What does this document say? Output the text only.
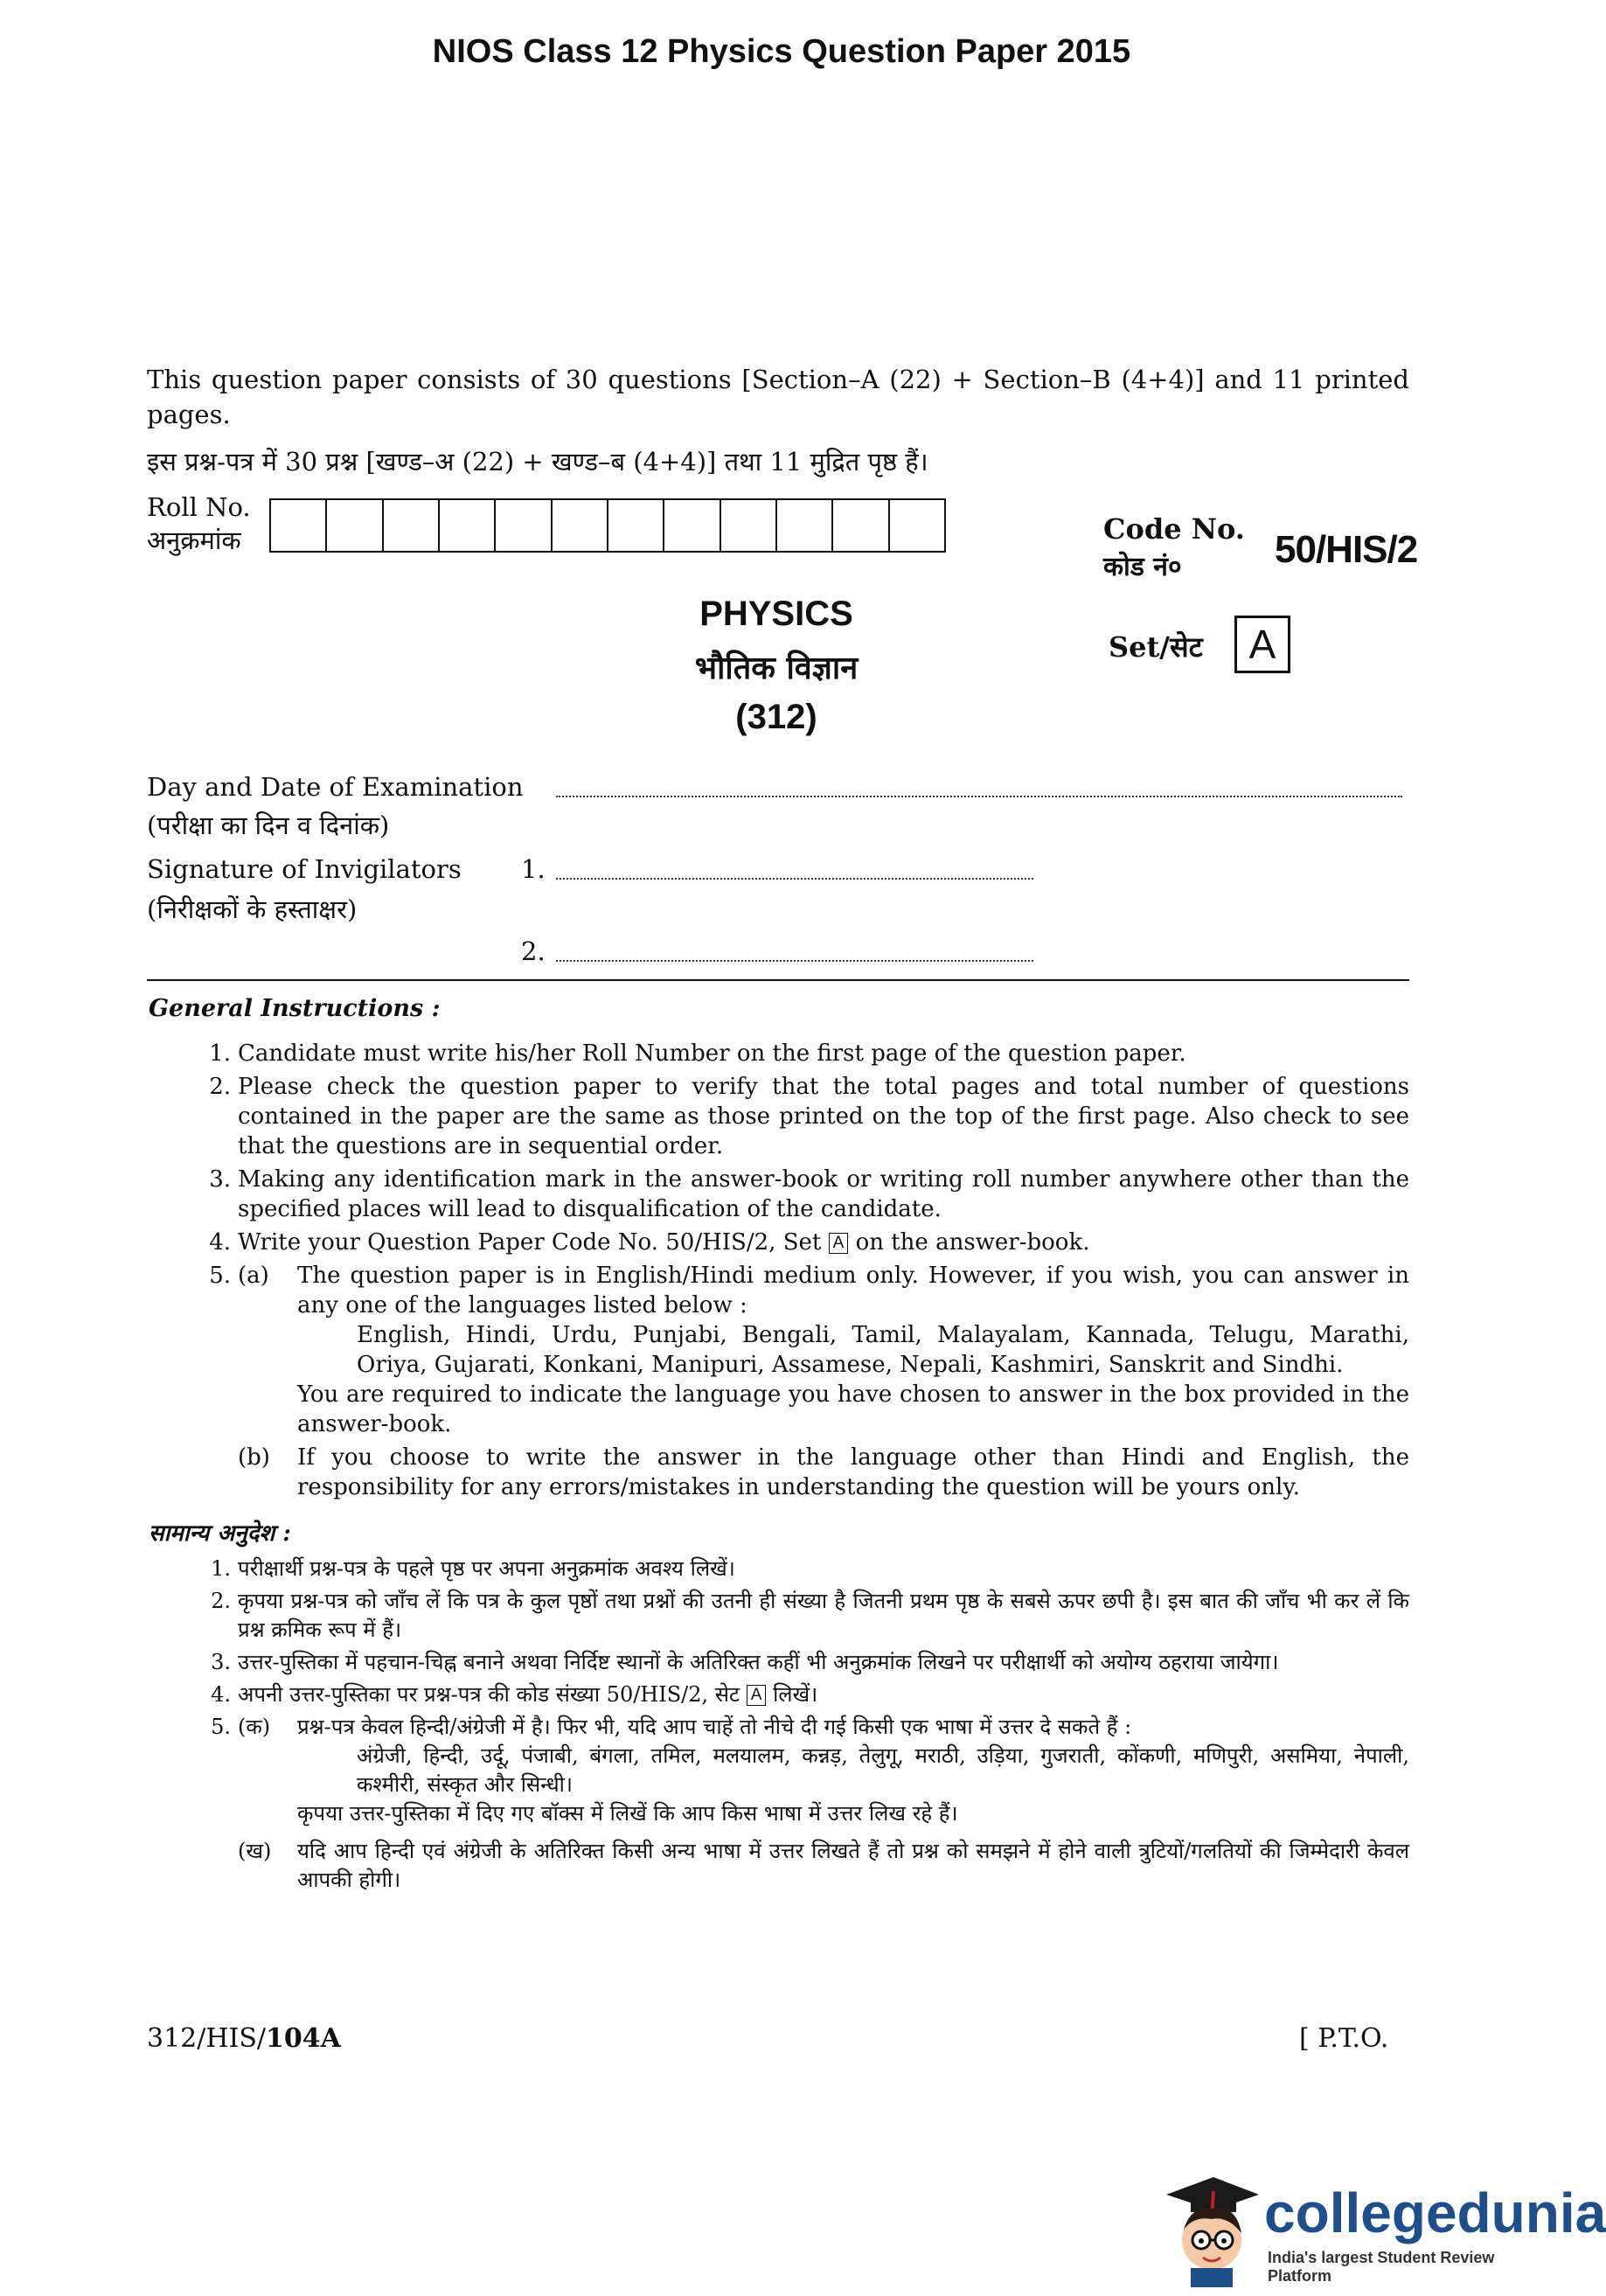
NIOS Class 12 Physics Question Paper 2015
This question paper consists of 30 questions [Section–A (22) + Section–B (4+4)] and 11 printed pages.
इस प्रश्न-पत्र में 30 प्रश्न [खण्ड–अ (22) + खण्ड–ब (4+4)] तथा 11 मुद्रित पृष्ठ हैं।
Roll No.
अनुक्रमांक	Code No.
कोड नं० 50/HIS/2
PHYSICS
भौतिक विज्ञान
(312)
Set/सेट	A
Day and Date of Examination
(परीक्षा का दिन व दिनांक)
Signature of Invigilators 1.
(निरीक्षकों के हस्ताक्षर)
2.
General Instructions :
1. Candidate must write his/her Roll Number on the first page of the question paper.
2. Please check the question paper to verify that the total pages and total number of questions contained in the paper are the same as those printed on the top of the first page. Also check to see that the questions are in sequential order.
3. Making any identification mark in the answer-book or writing roll number anywhere other than the specified places will lead to disqualification of the candidate.
4. Write your Question Paper Code No. 50/HIS/2, Set A on the answer-book.
5. (a) The question paper is in English/Hindi medium only. However, if you wish, you can answer in any one of the languages listed below :
English, Hindi, Urdu, Punjabi, Bengali, Tamil, Malayalam, Kannada, Telugu, Marathi, Oriya, Gujarati, Konkani, Manipuri, Assamese, Nepali, Kashmiri, Sanskrit and Sindhi.
You are required to indicate the language you have chosen to answer in the box provided in the answer-book.
(b) If you choose to write the answer in the language other than Hindi and English, the responsibility for any errors/mistakes in understanding the question will be yours only.
सामान्य अनुदेश :
1. परीक्षार्थी प्रश्न-पत्र के पहले पृष्ठ पर अपना अनुक्रमांक अवश्य लिखें।
2. कृपया प्रश्न-पत्र को जाँच लें कि पत्र के कुल पृष्ठों तथा प्रश्नों की उतनी ही संख्या है जितनी प्रथम पृष्ठ के सबसे ऊपर छपी है। इस बात की जाँच भी कर लें कि प्रश्न क्रमिक रूप में हैं।
3. उत्तर-पुस्तिका में पहचान-चिह्न बनाने अथवा निर्दिष्ट स्थानों के अतिरिक्त कहीं भी अनुक्रमांक लिखने पर परीक्षार्थी को अयोग्य ठहराया जायेगा।
4. अपनी उत्तर-पुस्तिका पर प्रश्न-पत्र की कोड संख्या 50/HIS/2, सेट A लिखें।
5. (क) प्रश्न-पत्र केवल हिन्दी/अंग्रेजी में है। फिर भी, यदि आप चाहें तो नीचे दी गई किसी एक भाषा में उत्तर दे सकते हैं :
अंग्रेजी, हिन्दी, उर्दू, पंजाबी, बंगला, तमिल, मलयालम, कन्नड़, तेलुगू, मराठी, उड़िया, गुजराती, कोंकणी, मणिपुरी, असमिया, नेपाली, कश्मीरी, संस्कृत और सिन्धी।
कृपया उत्तर-पुस्तिका में दिए गए बॉक्स में लिखें कि आप किस भाषा में उत्तर लिख रहे हैं।
(ख) यदि आप हिन्दी एवं अंग्रेजी के अतिरिक्त किसी अन्य भाषा में उत्तर लिखते हैं तो प्रश्न को समझने में होने वाली त्रुटियों/गलतियों की जिम्मेदारी केवल आपकी होगी।
312/HIS/104A	[ P.T.O.
collegedunia
India's largest Student Review Platform
